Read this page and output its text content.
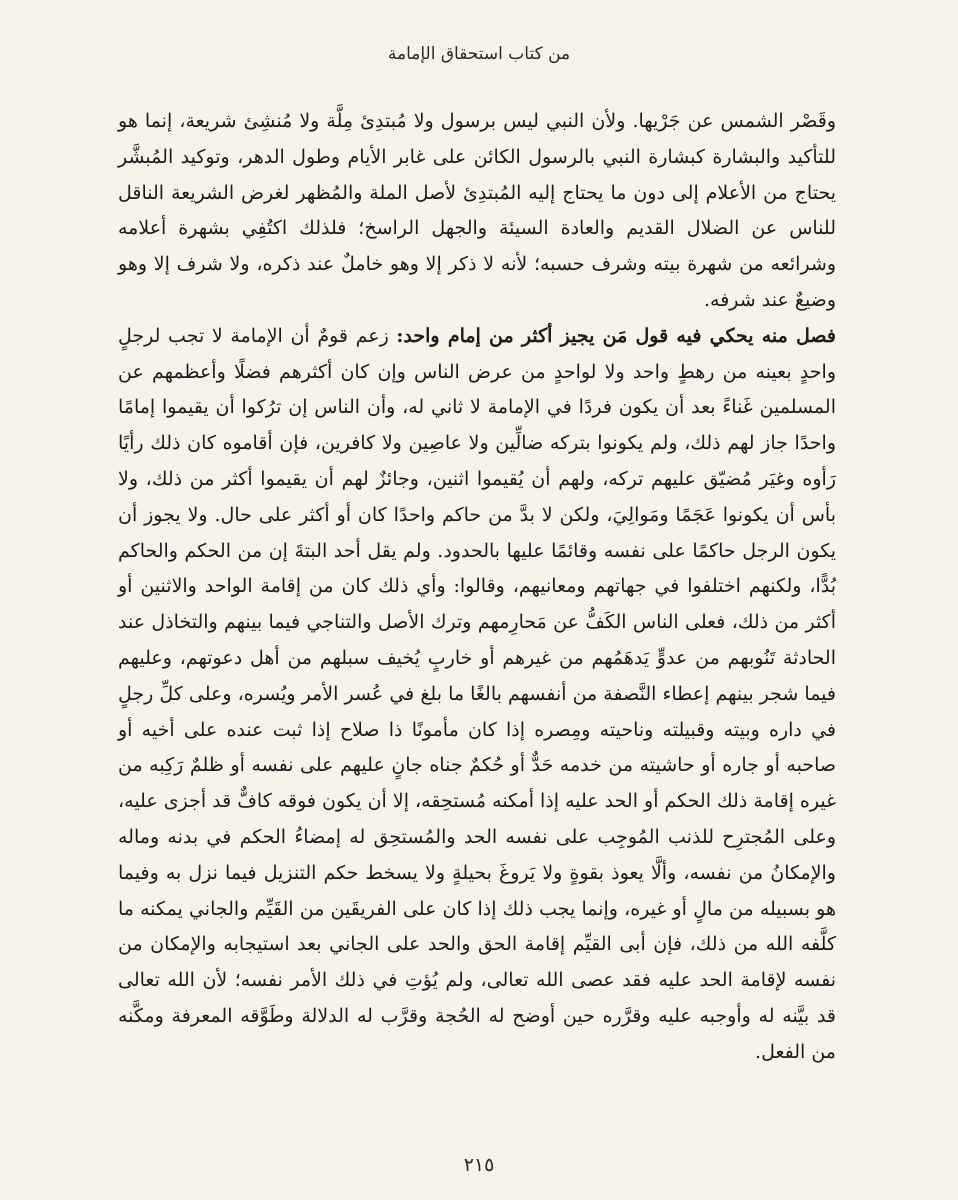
من كتاب استحقاق الإمامة

وقَصْر الشمس عن جَرْيها. ولأن النبي ليس برسول ولا مُبتدِئ مِلَّة ولا مُنشِئ شريعة، إنما هو للتأكيد والبشارة كبشارة النبي بالرسول الكائن على غابر الأيام وطول الدهر، وتوكيد المُبشَّر يحتاج من الأعلام إلى دون ما يحتاج إليه المُبتدِئ لأصل الملة والمُظهر لغرض الشريعة الناقل للناس عن الضلال القديم والعادة السيئة والجهل الراسخ؛ فلذلك اكتُفِي بشهرة أعلامه وشرائعه من شهرة بيته وشرف حسبه؛ لأنه لا ذكر إلا وهو خاملٌ عند ذكره، ولا شرف إلا وهو وضيعٌ عند شرفه.

فصل منه يحكي فيه قول مَن يجيز أكثر من إمام واحد: زعم قومٌ أن الإمامة لا تجب لرجلٍ واحدٍ بعينه من رهطٍ واحد ولا لواحدٍ من عرض الناس وإن كان أكثرهم فضلًا وأعظمهم عن المسلمين غَناءً بعد أن يكون فردًا في الإمامة لا ثاني له، وأن الناس إن ترُكوا أن يقيموا إمامًا واحدًا جاز لهم ذلك، ولم يكونوا بتركه ضالِّين ولا عاصِين ولا كافرين، فإن أقاموه كان ذلك رأيًا رَأوه وغيَر مُضيّق عليهم تركه، ولهم أن يُقيموا اثنين، وجائزٌ لهم أن يقيموا أكثر من ذلك، ولا بأس أن يكونوا عَجَمًا ومَوالِيَ، ولكن لا بدَّ من حاكم واحدًا كان أو أكثر على حال. ولا يجوز أن يكون الرجل حاكمًا على نفسه وقائمًا عليها بالحدود. ولم يقل أحد البتةَ إن من الحكم والحاكم بُدًّا، ولكنهم اختلفوا في جهاتهم ومعانيهم، وقالوا: وأي ذلك كان من إقامة الواحد والاثنين أو أكثر من ذلك، فعلى الناس الكَفُّ عن مَحارِمهم وترك الأصل والتناجي فيما بينهم والتخاذل عند الحادثة تَنُوبهم من عدوٍّ يَدهَمُهم من غيرهم أو خاربٍ يُخيف سبلهم من أهل دعوتهم، وعليهم فيما شجر بينهم إعطاء النَّصفة من أنفسهم بالغًا ما بلغ في عُسر الأمر ويُسره، وعلى كلِّ رجلٍ في داره وبيته وقبيلته وناحيته ومِصره إذا كان مأمونًا ذا صلاح إذا ثبت عنده على أخيه أو صاحبه أو جاره أو حاشيته من خدمه حَدٌّ أو حُكمٌ جناه جانٍ عليهم على نفسه أو ظلمٌ رَكِبه من غيره إقامة ذلك الحكم أو الحد عليه إذا أمكنه مُستحِقه، إلا أن يكون فوقه كافٌّ قد أجزى عليه، وعلى المُجترِح للذنب المُوجِب على نفسه الحد والمُستحِق له إمضاءُ الحكم في بدنه وماله والإمكانُ من نفسه، وألَّا يعوذ بقوةٍ ولا يَروغَ بحيلةٍ ولا يسخط حكم التنزيل فيما نزل به وفيما هو بسبيله من مالٍ أو غيره، وإنما يجب ذلك إذا كان على الفريقَين من القَيِّم والجاني يمكنه ما كلَّفه الله من ذلك، فإن أبى القيِّم إقامة الحق والحد على الجاني بعد استيجابه والإمكان من نفسه لإقامة الحد عليه فقد عصى الله تعالى، ولم يُؤتِ في ذلك الأمر نفسه؛ لأن الله تعالى قد بيَّنه له وأوجبه عليه وقرَّره حين أوضح له الحُجة وقرَّب له الدلالة وطَوَّقه المعرفة ومكَّنه من الفعل.

٢١٥
